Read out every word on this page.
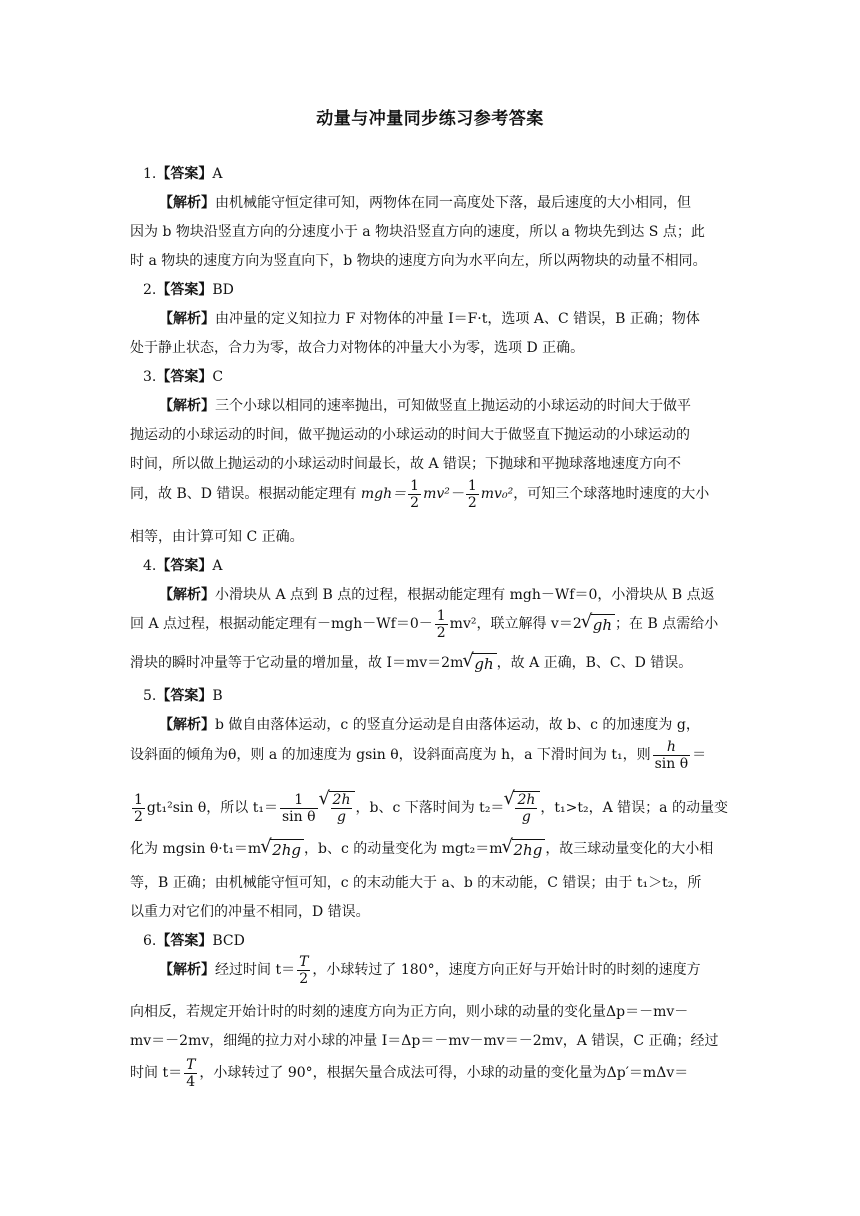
动量与冲量同步练习参考答案
1.【答案】A
【解析】由机械能守恒定律可知，两物体在同一高度处下落，最后速度的大小相同，但
因为 b 物块沿竖直方向的分速度小于 a 物块沿竖直方向的速度，所以 a 物块先到达 S 点；此
时 a 物块的速度方向为竖直向下，b 物块的速度方向为水平向左，所以两物块的动量不相同。
2.【答案】BD
【解析】由冲量的定义知拉力 F 对物体的冲量 I＝F·t，选项 A、C 错误，B 正确；物体
处于静止状态，合力为零，故合力对物体的冲量大小为零，选项 D 正确。
3.【答案】C
【解析】三个小球以相同的速率抛出，可知做竖直上抛运动的小球运动的时间大于做平
抛运动的小球运动的时间，做平抛运动的小球运动的时间大于做竖直下抛运动的小球运动的
时间，所以做上抛运动的小球运动时间最长，故 A 错误；下抛球和平抛球落地速度方向不
同，故 B、D 错误。根据动能定理有 $mgh= \frac{1}{2} mv^2- \frac{1}{2} mv_0^2$，可知三个球落地时速度的大小
相等，由计算可知 C 正确。
4.【答案】A
【解析】小滑块从 A 点到 B 点的过程，根据动能定理有 mgh－Wf＝0，小滑块从 B 点返
回 A 点过程，根据动能定理有$-mgh-Wf=0- \frac{1}{2} mv^2$，联立解得 v＝2 √ gh ；在 B 点需给小
滑块的瞬时冲量等于它动量的增加量，故 I＝mv＝2m √ gh ，故 A 正确，B、C、D 错误。
5.【答案】B
【解析】b 做自由落体运动，c 的竖直分运动是自由落体运动，故 b、c 的加速度为 g，
设斜面的倾角为θ，则 a 的加速度为 gsin θ，设斜面高度为 h，a 下滑时间为 t₁，则 $\frac{h}{\text{sin θ}}$ ＝
$\frac{1}{2} gt_1^2\sin$ θ，所以 $t_1= \frac{1}{\text{sin θ}}$ √ $\frac{2h}{g}$ ，b、c 下落时间为 t₂＝ √ $\frac{2h}{g}$ ，t₁>t₂，A 错误；a 的动量变
化为 mgsin θ·t₁＝m √ 2hg ，b、c 的动量变化为 mgt₂＝m √ 2hg ，故三球动量变化的大小相
等，B 正确；由机械能守恒可知，c 的末动能大于 a、b 的末动能，C 错误；由于 t₁＞t₂，所
以重力对它们的冲量不相同，D 错误。
6.【答案】BCD
【解析】经过时间 $t= \frac{T}{2}$ ，小球转过了 180°，速度方向正好与开始计时的时刻的速度方
向相反，若规定开始计时的时刻的速度方向为正方向，则小球的动量的变化量Δp＝－mv－
mv＝－2mv，细绳的拉力对小球的冲量 I＝Δp＝－mv－mv＝－2mv，A 错误，C 正确；经过
时间 $t= \frac{T}{4}$ ，小球转过了 90°，根据矢量合成法可得，小球的动量的变化量为Δp′＝mΔv＝
